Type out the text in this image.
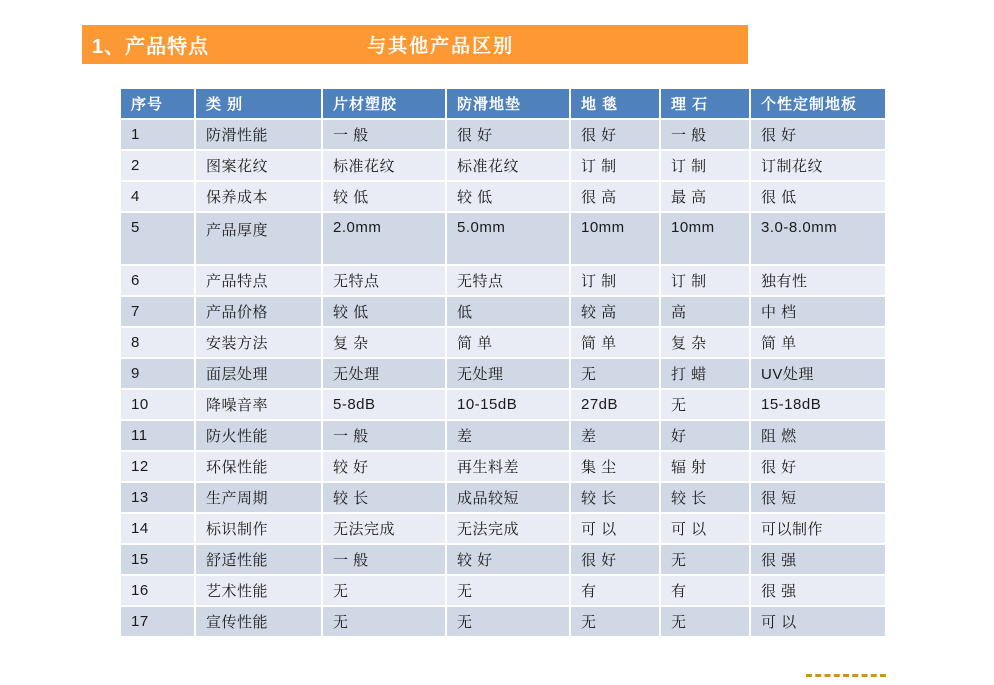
1、产品特点	与其他产品区别
序号	类 别	片材塑胶	防滑地垫	地 毯	理 石	个性定制地板
1	防滑性能	一 般	很 好	很 好	一 般	很 好
2	图案花纹	标准花纹	标准花纹	订 制	订 制	订制花纹
4	保养成本	较 低	较 低	很 高	最 高	很 低
5	产品厚度	2.0mm	5.0mm	10mm	10mm	3.0-8.0mm
6	产品特点	无特点	无特点	订 制	订 制	独有性
7	产品价格	较 低	低	较 高	高	中 档
8	安装方法	复 杂	简 单	简 单	复 杂	简 单
9	面层处理	无处理	无处理	无	打 蜡	UV处理
10	降噪音率	5-8dB	10-15dB	27dB	无	15-18dB
11	防火性能	一 般	差	差	好	阻 燃
12	环保性能	较 好	再生料差	集 尘	辐 射	很 好
13	生产周期	较 长	成品较短	较 长	较 长	很 短
14	标识制作	无法完成	无法完成	可 以	可 以	可以制作
15	舒适性能	一 般	较 好	很 好	无	很 强
16	艺术性能	无	无	有	有	很 强
17	宣传性能	无	无	无	无	可 以
